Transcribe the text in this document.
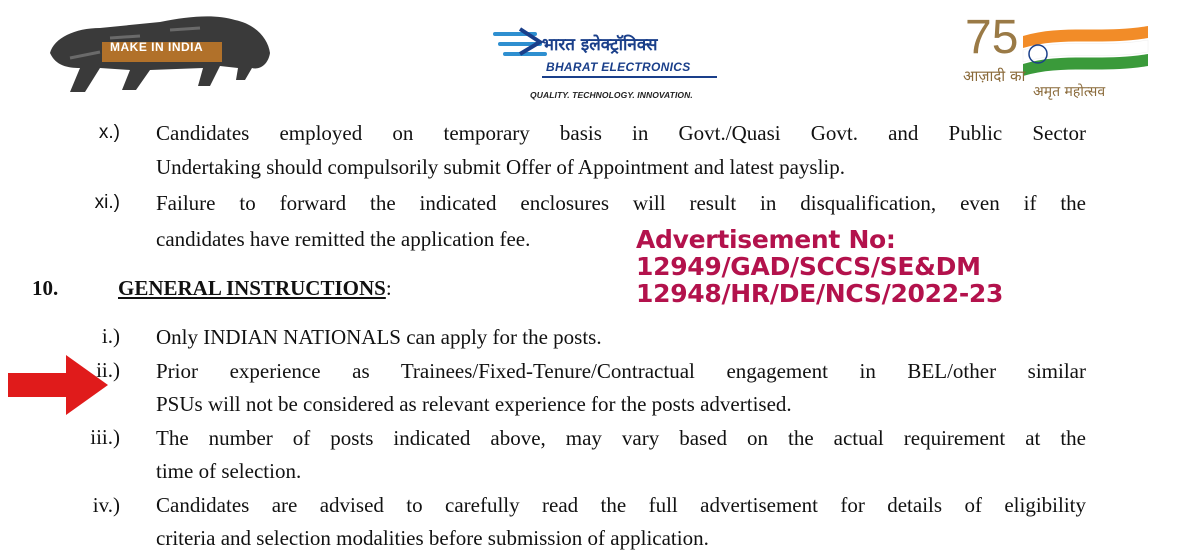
MAKE IN INDIA	भारत इलेक्ट्रॉनिक्स
BHARAT ELECTRONICS
QUALITY. TECHNOLOGY. INNOVATION.
75
आज़ादी का
अमृत महोत्सव
x.) Candidates employed on temporary basis in Govt./Quasi Govt. and Public Sector
Undertaking should compulsorily submit Offer of Appointment and latest payslip.
xi.) Failure to forward the indicated enclosures will result in disqualification, even if the
candidates have remitted the application fee.
10.	GENERAL INSTRUCTIONS:
Advertisement No:
12949/GAD/SCCS/SE&DM
12948/HR/DE/NCS/2022-23
i.) Only INDIAN NATIONALS can apply for the posts.
ii.) Prior experience as Trainees/Fixed-Tenure/Contractual engagement in BEL/other similar
PSUs will not be considered as relevant experience for the posts advertised.
iii.) The number of posts indicated above, may vary based on the actual requirement at the
time of selection.
iv.) Candidates are advised to carefully read the full advertisement for details of eligibility
criteria and selection modalities before submission of application.
